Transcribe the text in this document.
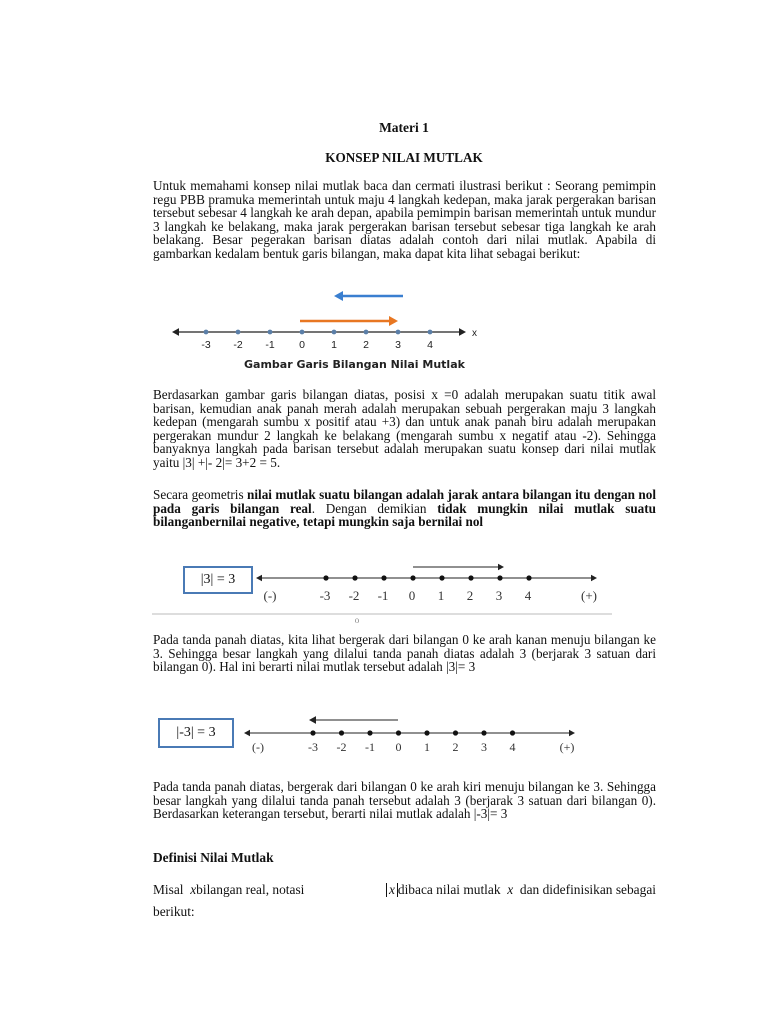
Materi 1
KONSEP NILAI MUTLAK

Untuk memahami konsep nilai mutlak baca dan cermati ilustrasi berikut : Seorang pemimpin regu PBB pramuka memerintah untuk maju 4 langkah kedepan, maka jarak pergerakan barisan tersebut sebesar 4 langkah ke arah depan, apabila pemimpin barisan memerintah untuk mundur 3 langkah ke belakang, maka jarak pergerakan barisan tersebut sebesar tiga langkah ke arah belakang. Besar pegerakan barisan diatas adalah contoh dari nilai mutlak. Apabila di gambarkan kedalam bentuk garis bilangan, maka dapat kita lihat sebagai berikut:

-3 -2 -1 0 1 2 3 4
x
Gambar Garis Bilangan Nilai Mutlak

Berdasarkan gambar garis bilangan diatas, posisi x =0 adalah merupakan suatu titik awal barisan, kemudian anak panah merah adalah merupakan sebuah pergerakan maju 3 langkah kedepan (mengarah sumbu x positif atau +3) dan untuk anak panah biru adalah merupakan pergerakan mundur 2 langkah ke belakang (mengarah sumbu x negatif atau -2). Sehingga banyaknya langkah pada barisan tersebut adalah merupakan suatu konsep dari nilai mutlak yaitu |3| +|- 2|= 3+2 = 5.

Secara geometris nilai mutlak suatu bilangan adalah jarak antara bilangan itu dengan nol pada garis bilangan real. Dengan demikian tidak mungkin nilai mutlak suatu bilanganbernilai negative, tetapi mungkin saja bernilai nol

|3| = 3
-3 -2 -1 0 1 2 3 4
(-)	(+)
o

Pada tanda panah diatas, kita lihat bergerak dari bilangan 0 ke arah kanan menuju bilangan ke 3. Sehingga besar langkah yang dilalui tanda panah diatas adalah 3 (berjarak 3 satuan dari bilangan 0). Hal ini berarti nilai mutlak tersebut adalah |3|= 3

|-3| = 3
-3 -2 -1 0 1 2 3 4
(-)	(+)

Pada tanda panah diatas, bergerak dari bilangan 0 ke arah kiri menuju bilangan ke 3. Sehingga besar langkah yang dilalui tanda panah tersebut adalah 3 (berjarak 3 satuan dari bilangan 0). Berdasarkan keterangan tersebut, berarti nilai mutlak adalah |-3|= 3

Definisi Nilai Mutlak
Misal xbilangan real, notasi	x dibaca nilai mutlak x dan didefinisikan sebagai
berikut:
